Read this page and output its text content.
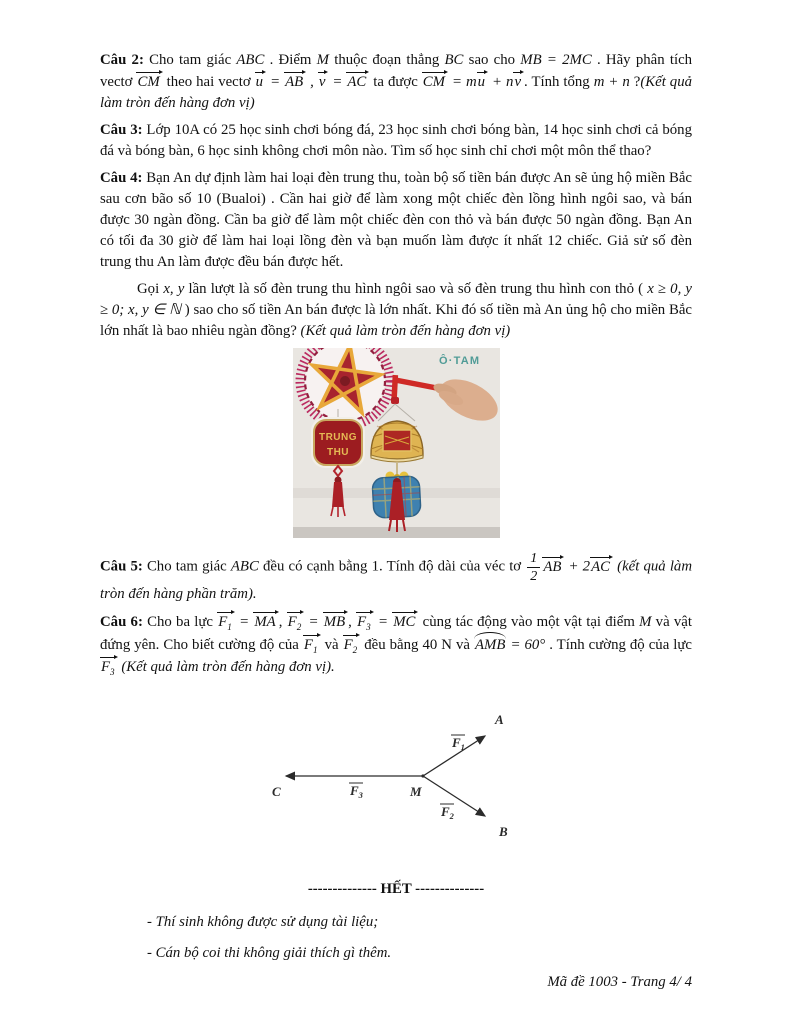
Câu 2: Cho tam giác ABC . Điểm M thuộc đoạn thẳng BC sao cho MB = 2MC . Hãy phân tích vectơ CM theo hai vectơ u = AB , v = AC ta được CM = mu + nv . Tính tổng m + n ?(Kết quả làm tròn đến hàng đơn vị)

Câu 3: Lớp 10A có 25 học sinh chơi bóng đá, 23 học sinh chơi bóng bàn, 14 học sinh chơi cả bóng đá và bóng bàn, 6 học sinh không chơi môn nào. Tìm số học sinh chỉ chơi một môn thể thao?

Câu 4: Bạn An dự định làm hai loại đèn trung thu, toàn bộ số tiền bán được An sẽ ủng hộ miền Bắc sau cơn bão số 10 (Bualoi) . Cần hai giờ để làm xong một chiếc đèn lồng hình ngôi sao, và bán được 30 ngàn đồng. Cần ba giờ để làm một chiếc đèn con thỏ và bán được 50 ngàn đồng. Bạn An có tối đa 30 giờ để làm hai loại lồng đèn và bạn muốn làm được ít nhất 12 chiếc. Giả sử số đèn trung thu An làm được đều bán được hết.

Gọi x, y lần lượt là số đèn trung thu hình ngôi sao và số đèn trung thu hình con thỏ ( x ≥ 0, y ≥ 0; x, y ∈ ℕ ) sao cho số tiền An bán được là lớn nhất. Khi đó số tiền mà An ủng hộ cho miền Bắc lớn nhất là bao nhiêu ngàn đồng? (Kết quả làm tròn đến hàng đơn vị)

TRUNG
THU
Ô·TAM

Câu 5: Cho tam giác ABC đều có cạnh bằng 1. Tính độ dài của véc tơ $\frac{1}{2}$ AB + 2AC (kết quả làm tròn đến hàng phần trăm).

Câu 6: Cho ba lực $F_1$ = MA , $F_2$ = MB , $F_3$ = MC cùng tác động vào một vật tại điểm M và vật đứng yên. Cho biết cường độ của $F_1$ và $F_2$ đều bằng 40 N và AMB = 60° . Tính cường độ của lực $F_3$ (Kết quả làm tròn đến hàng đơn vị).

A
B
C	M
$F_1$
$F_2$
$F_3$

-------------- HẾT --------------

- Thí sinh không được sử dụng tài liệu;

- Cán bộ coi thi không giải thích gì thêm.

Mã đề 1003 - Trang 4/ 4
